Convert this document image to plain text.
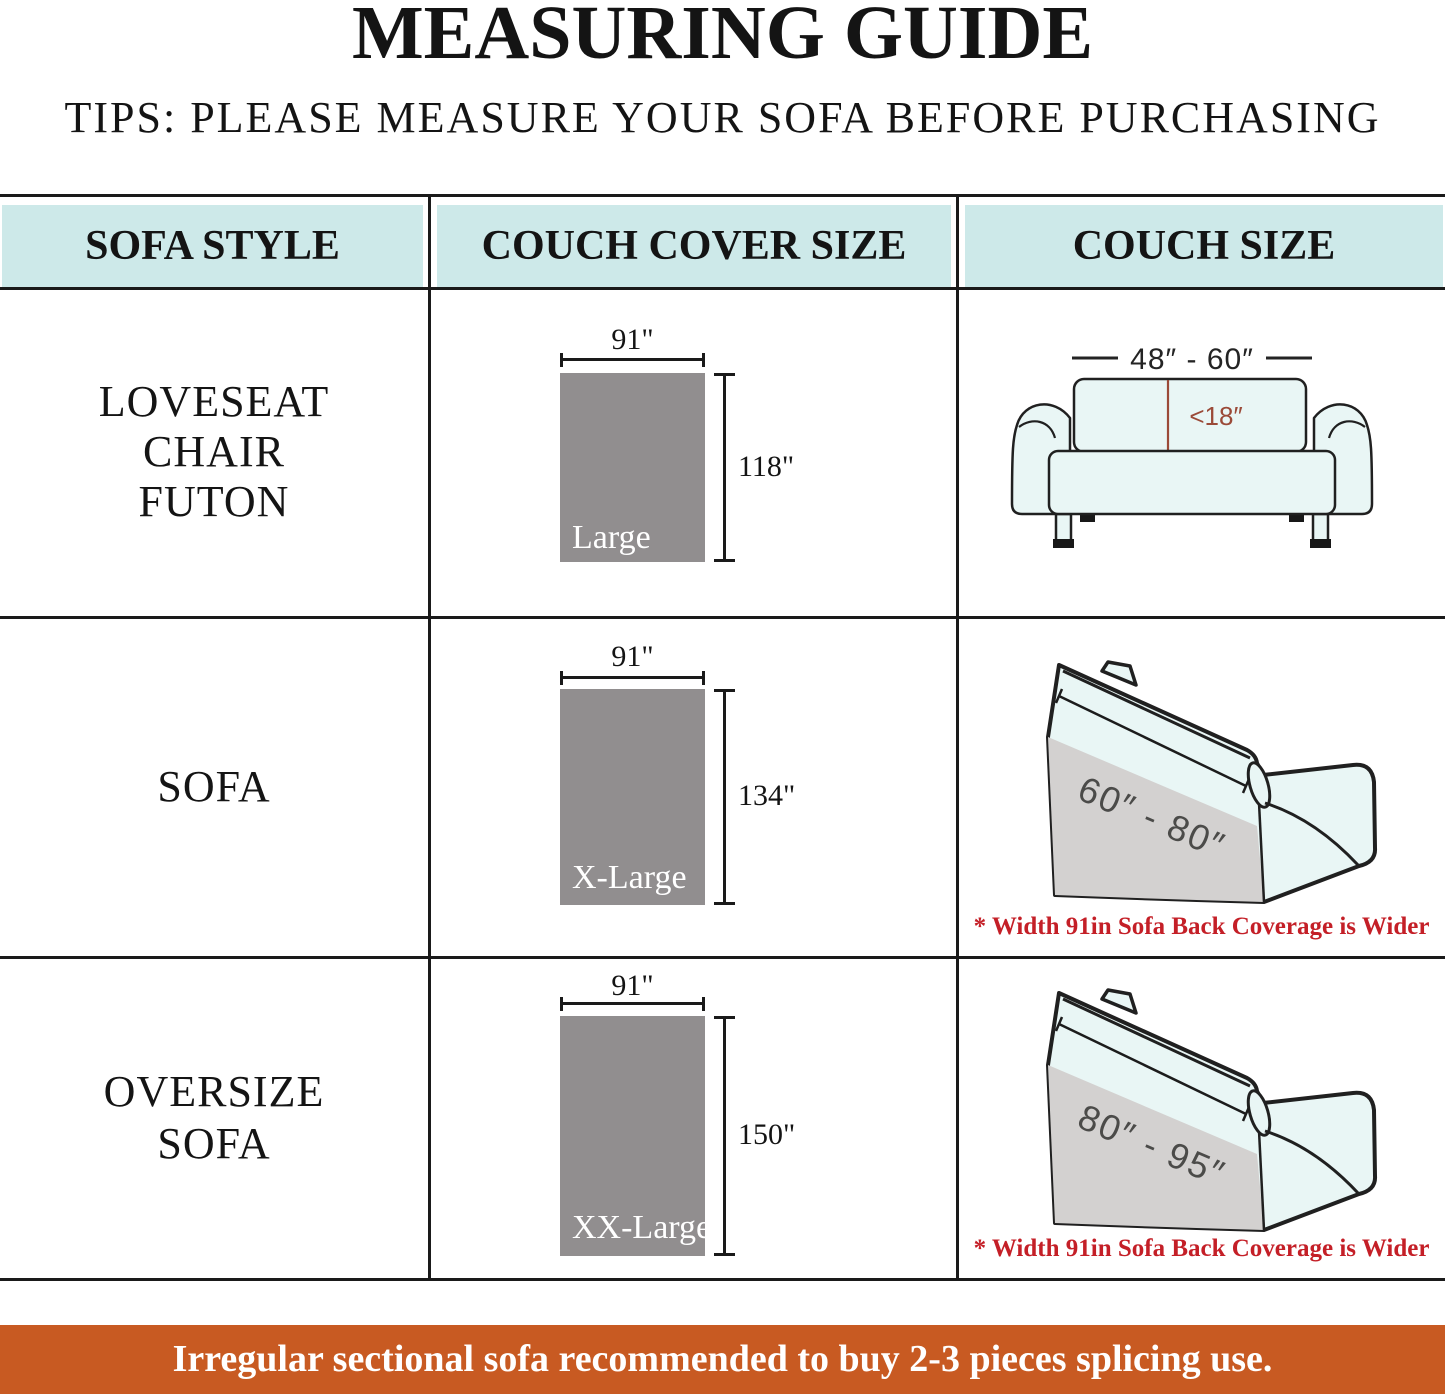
MEASURING GUIDE
TIPS: PLEASE MEASURE YOUR SOFA BEFORE PURCHASING
SOFA STYLE	COUCH COVER SIZE	COUCH SIZE
LOVESEAT
CHAIR
FUTON
SOFA
OVERSIZE
SOFA
91"
Large
118"
91"
X-Large
134"
91"
XX-Large
150"
48″ - 60″
<18″
60″ - 80″
* Width 91in Sofa Back Coverage is Wider
80″ - 95″
* Width 91in Sofa Back Coverage is Wider
Irregular sectional sofa recommended to buy 2-3 pieces splicing use.
